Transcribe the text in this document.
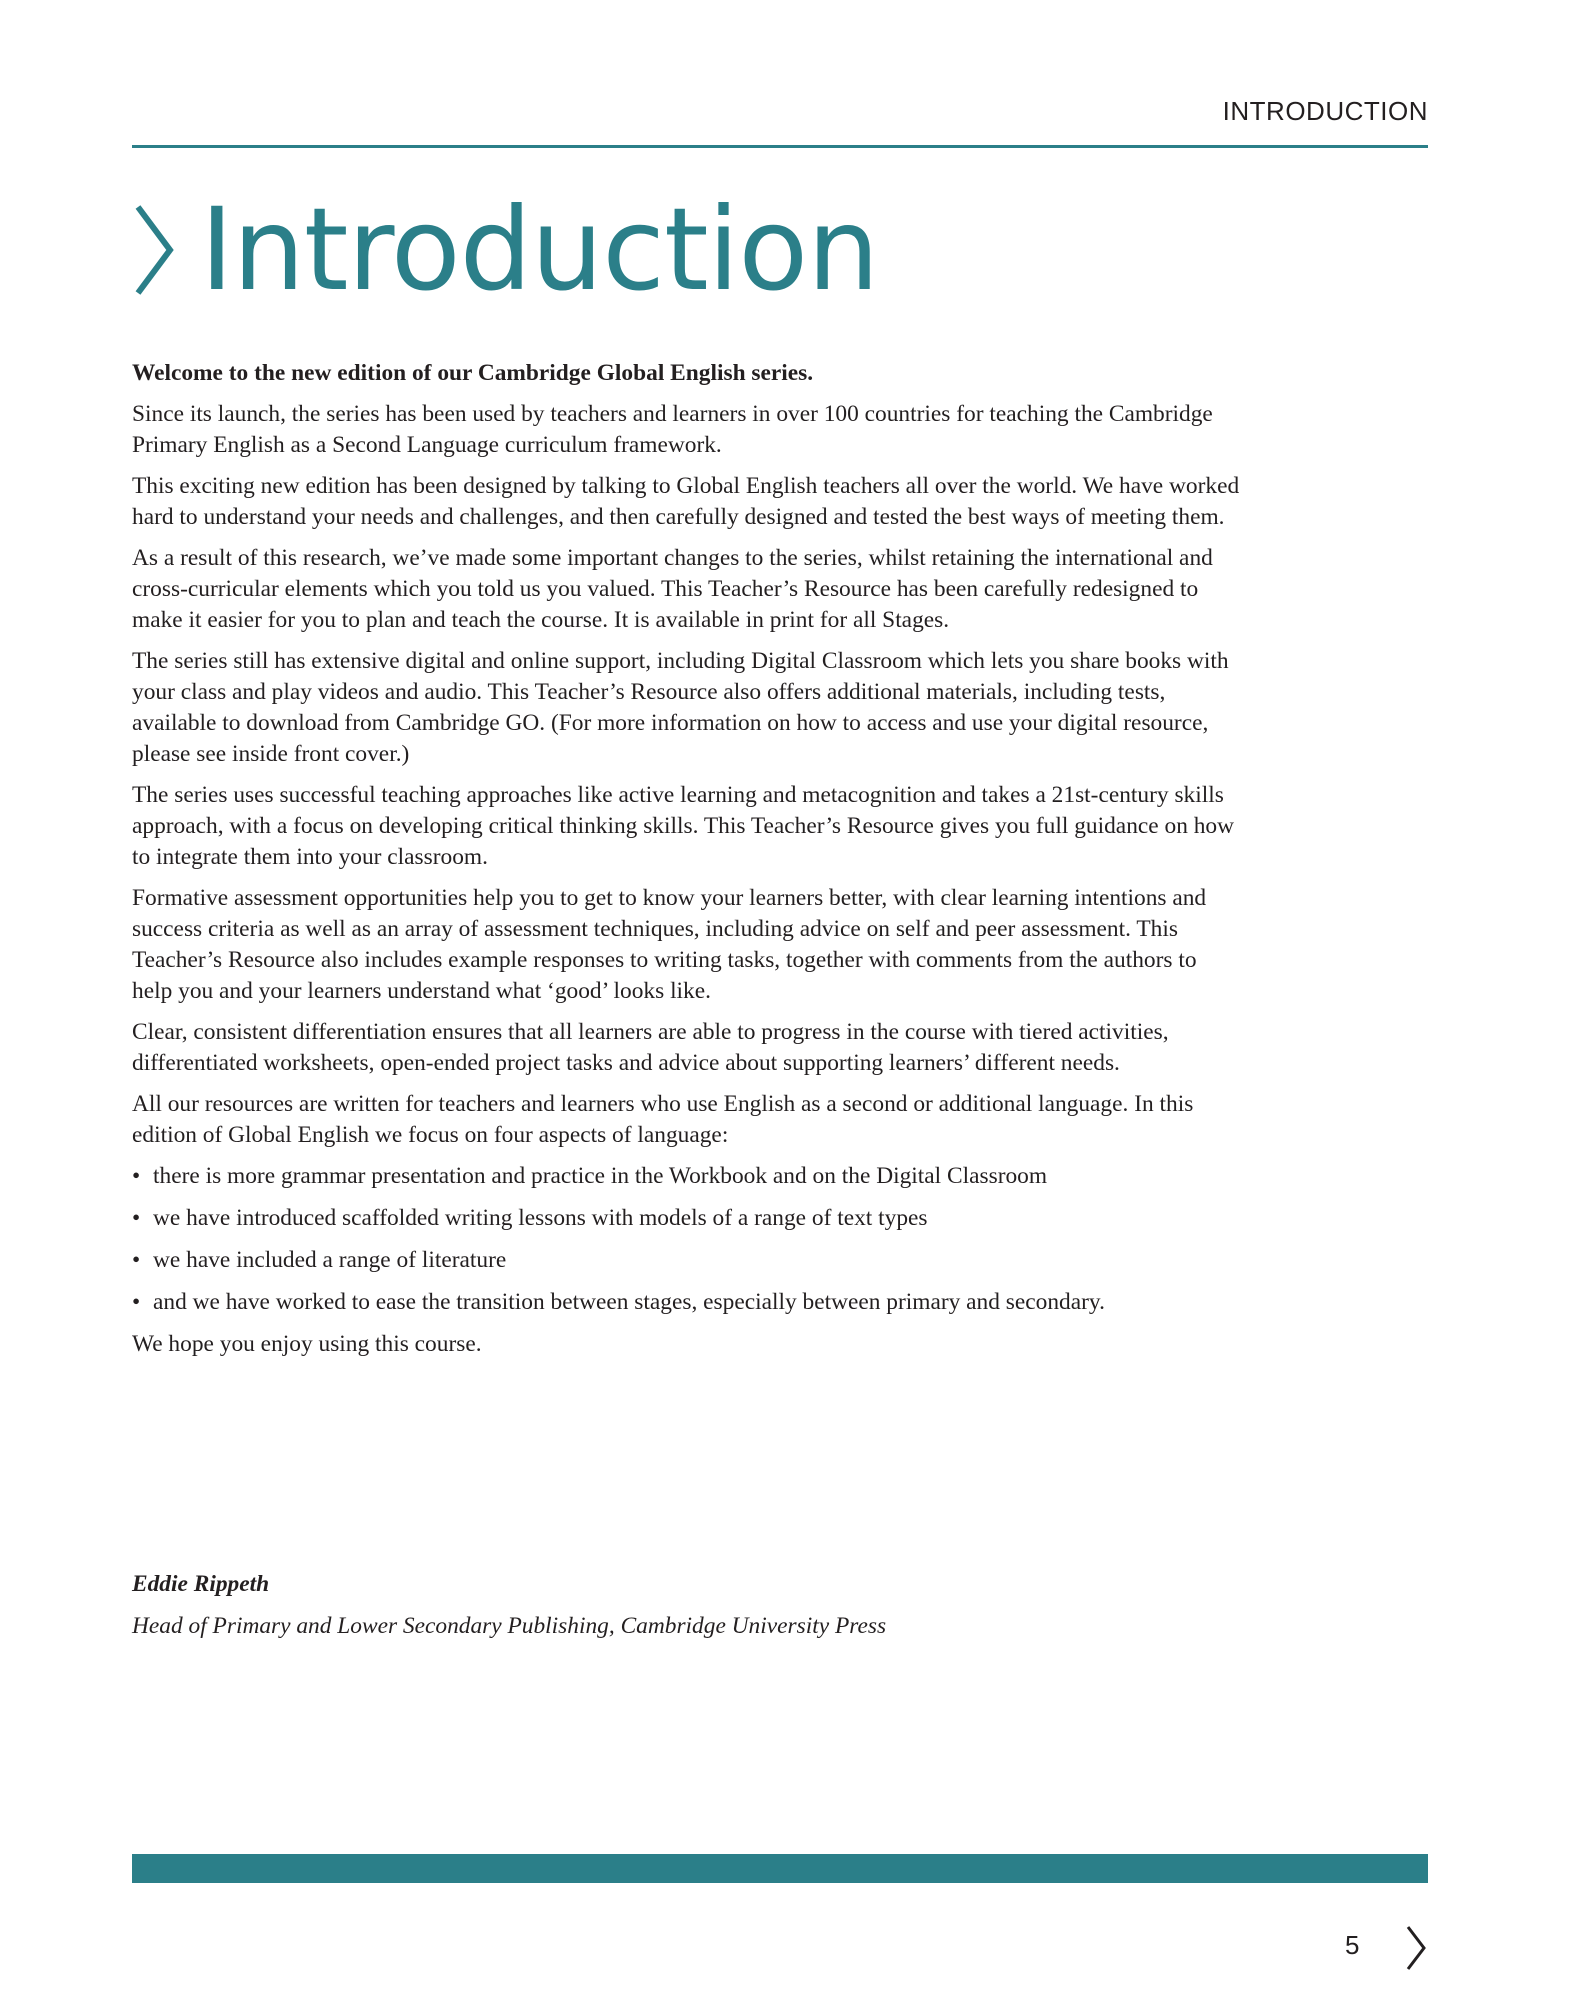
INTRODUCTION
Introduction

Welcome to the new edition of our Cambridge Global English series.

Since its launch, the series has been used by teachers and learners in over 100 countries for teaching the Cambridge Primary English as a Second Language curriculum framework.

This exciting new edition has been designed by talking to Global English teachers all over the world. We have worked hard to understand your needs and challenges, and then carefully designed and tested the best ways of meeting them.

As a result of this research, we’ve made some important changes to the series, whilst retaining the international and cross-curricular elements which you told us you valued. This Teacher’s Resource has been carefully redesigned to make it easier for you to plan and teach the course. It is available in print for all Stages.

The series still has extensive digital and online support, including Digital Classroom which lets you share books with your class and play videos and audio. This Teacher’s Resource also offers additional materials, including tests, available to download from Cambridge GO. (For more information on how to access and use your digital resource, please see inside front cover.)

The series uses successful teaching approaches like active learning and metacognition and takes a 21st-century skills approach, with a focus on developing critical thinking skills. This Teacher’s Resource gives you full guidance on how to integrate them into your classroom.

Formative assessment opportunities help you to get to know your learners better, with clear learning intentions and success criteria as well as an array of assessment techniques, including advice on self and peer assessment. This Teacher’s Resource also includes example responses to writing tasks, together with comments from the authors to help you and your learners understand what ‘good’ looks like.

Clear, consistent differentiation ensures that all learners are able to progress in the course with tiered activities, differentiated worksheets, open-ended project tasks and advice about supporting learners’ different needs.

All our resources are written for teachers and learners who use English as a second or additional language. In this edition of Global English we focus on four aspects of language:

• there is more grammar presentation and practice in the Workbook and on the Digital Classroom
• we have introduced scaffolded writing lessons with models of a range of text types
• we have included a range of literature
• and we have worked to ease the transition between stages, especially between primary and secondary.

We hope you enjoy using this course.

Eddie Rippeth

Head of Primary and Lower Secondary Publishing, Cambridge University Press

5
